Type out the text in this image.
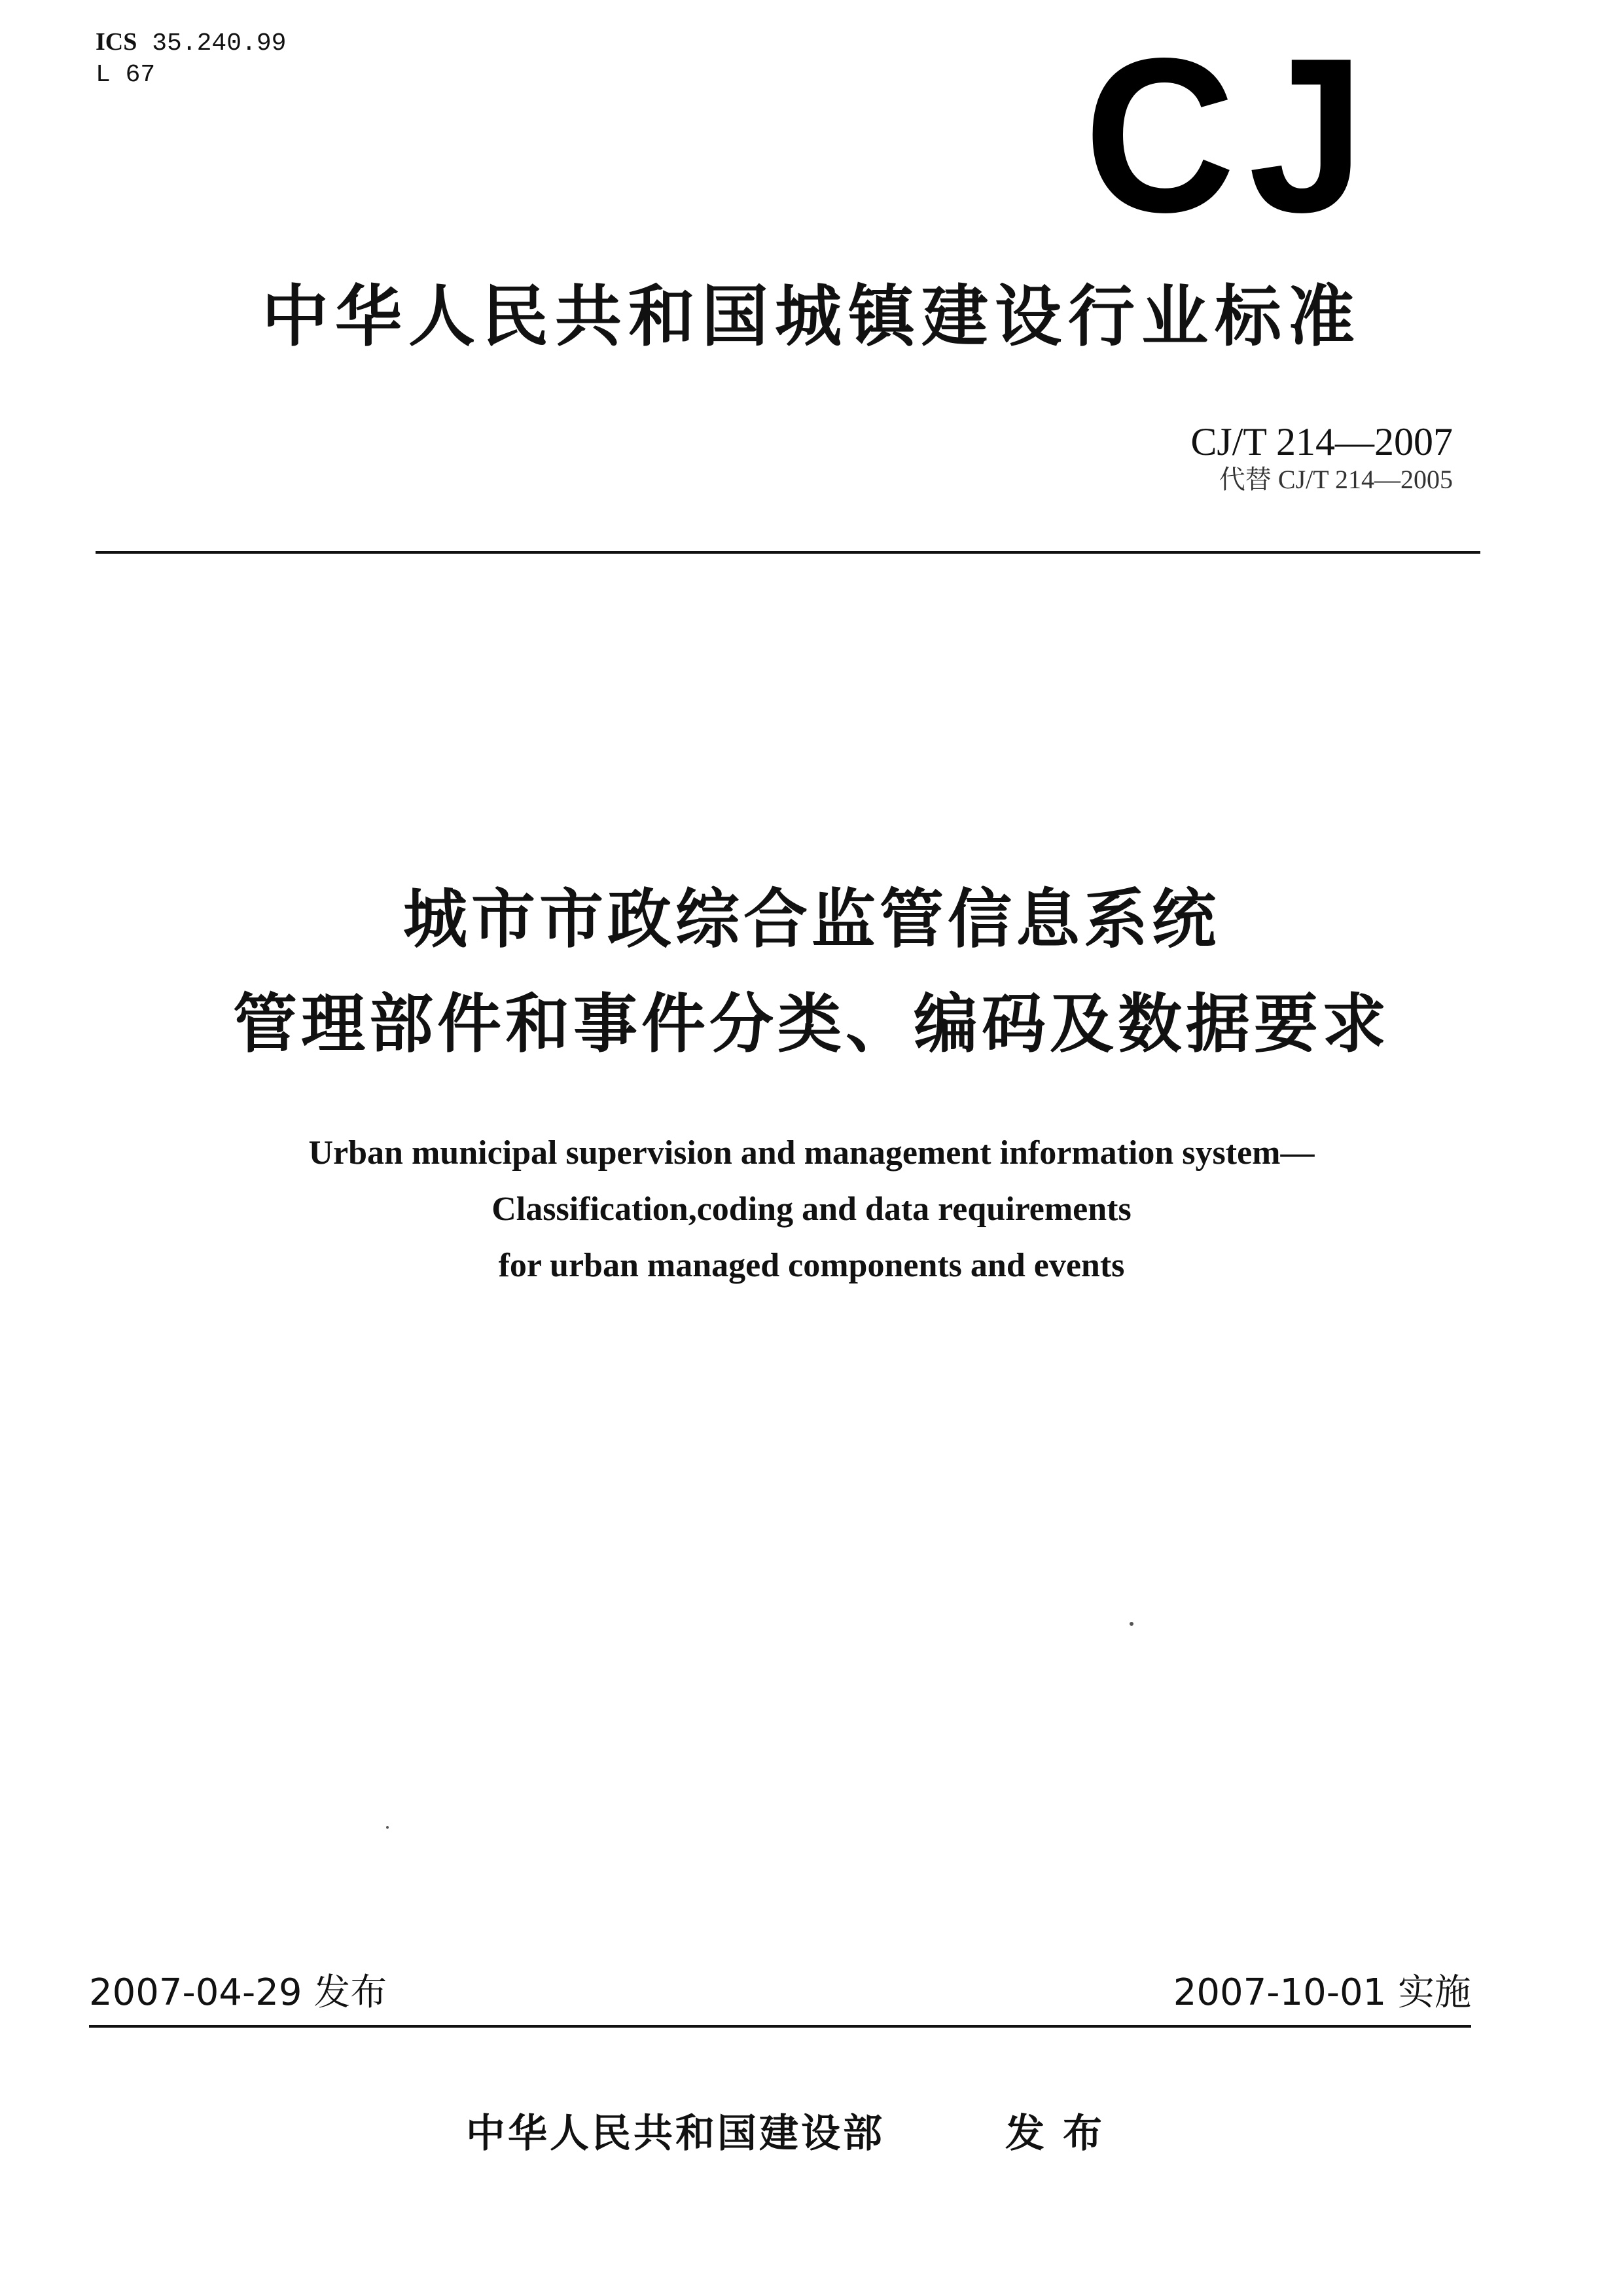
ICS 35.240.99
L 67	CJ
中华人民共和国城镇建设行业标准
CJ/T 214—2007
代替 CJ/T 214—2005
城市市政综合监管信息系统
管理部件和事件分类、编码及数据要求
Urban municipal supervision and management information system—
Classification,coding and data requirements
for urban managed components and events
2007-04-29 发布	2007-10-01 实施
中华人民共和国建设部	发布
